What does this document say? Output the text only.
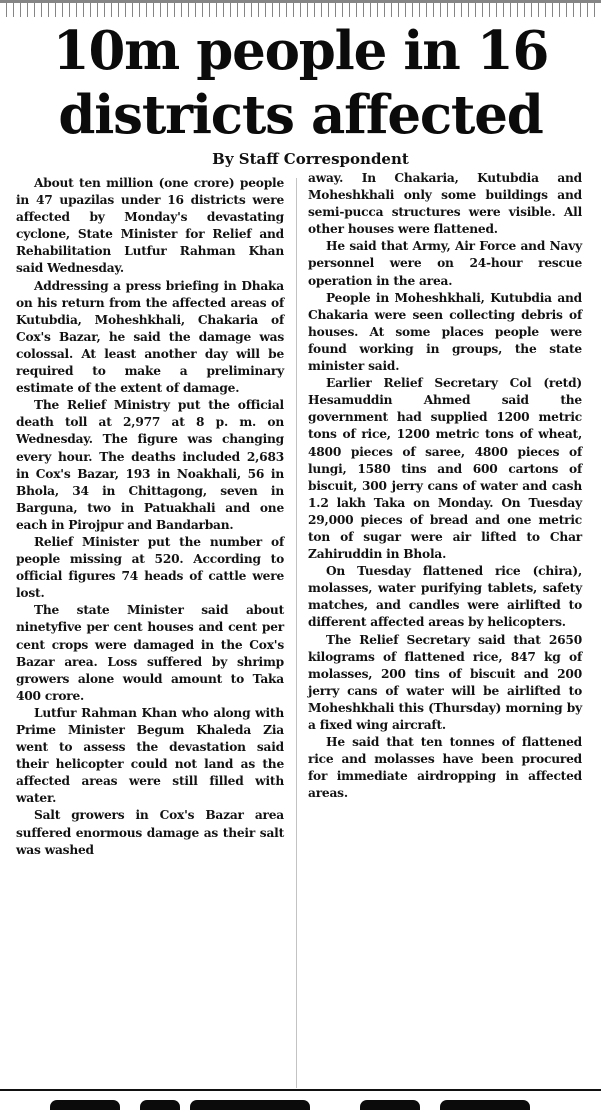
10m people in 16
districts affected
By Staff Correspondent

About ten million (one crore) people in 47 upazilas under 16 districts were affected by Monday's devastating cyclone, State Minister for Relief and Rehabilitation Lutfur Rahman Khan said Wednesday.

Addressing a press briefing in Dhaka on his return from the affected areas of Kutubdia, Moheshkhali, Chakaria of Cox's Bazar, he said the damage was colossal. At least another day will be required to make a preliminary estimate of the extent of damage.

The Relief Ministry put the official death toll at 2,977 at 8 p. m. on Wednesday. The figure was changing every hour. The deaths included 2,683 in Cox's Bazar, 193 in Noakhali, 56 in Bhola, 34 in Chittagong, seven in Barguna, two in Patuakhali and one each in Pirojpur and Bandarban.

Relief Minister put the number of people missing at 520. According to official figures 74 heads of cattle were lost.

The state Minister said about ninetyfive per cent houses and cent per cent crops were damaged in the Cox's Bazar area. Loss suffered by shrimp growers alone would amount to Taka 400 crore.

Lutfur Rahman Khan who along with Prime Minister Begum Khaleda Zia went to assess the devastation said their helicopter could not land as the affected areas were still filled with water.

Salt growers in Cox's Bazar area suffered enormous damage as their salt was washed

away. In Chakaria, Kutubdia and Moheshkhali only some buildings and semi-pucca structures were visible. All other houses were flattened.

He said that Army, Air Force and Navy personnel were on 24-hour rescue operation in the area.

People in Moheshkhali, Kutubdia and Chakaria were seen collecting debris of houses. At some places people were found working in groups, the state minister said.

Earlier Relief Secretary Col (retd) Hesamuddin Ahmed said the government had supplied 1200 metric tons of rice, 1200 metric tons of wheat, 4800 pieces of saree, 4800 pieces of lungi, 1580 tins and 600 cartons of biscuit, 300 jerry cans of water and cash 1.2 lakh Taka on Monday. On Tuesday 29,000 pieces of bread and one metric ton of sugar were air lifted to Char Zahiruddin in Bhola.

On Tuesday flattened rice (chira), molasses, water purifying tablets, safety matches, and candles were airlifted to different affected areas by helicopters.

The Relief Secretary said that 2650 kilograms of flattened rice, 847 kg of molasses, 200 tins of biscuit and 200 jerry cans of water will be airlifted to Moheshkhali this (Thursday) morning by a fixed wing aircraft.

He said that ten tonnes of flattened rice and molasses have been procured for immediate airdropping in affected areas.
